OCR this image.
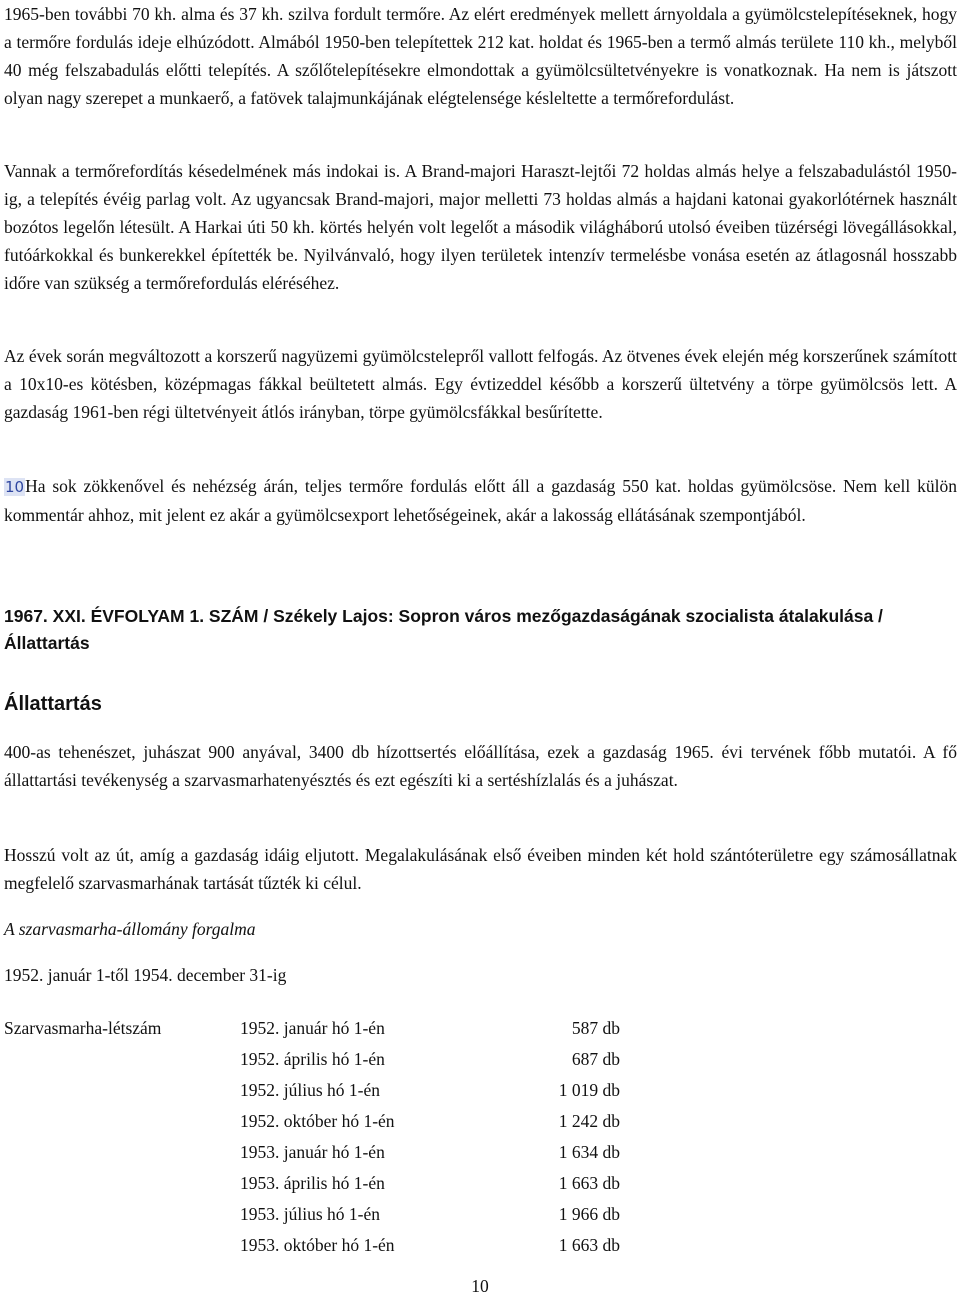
1965-ben további 70 kh. alma és 37 kh. szilva fordult termőre. Az elért eredmények mellett árnyoldala a gyümölcstelepítéseknek, hogy a termőre fordulás ideje elhúzódott. Almából 1950-ben telepítettek 212 kat. holdat és 1965-ben a termő almás területe 110 kh., melyből 40 még felszabadulás előtti telepítés. A szőlőtelepítésekre elmondottak a gyümölcsültetvényekre is vonatkoznak. Ha nem is játszott olyan nagy szerepet a munkaerő, a fatövek talajmunkájának elégtelensége késleltette a termőrefordulást.

Vannak a termőrefordítás késedelmének más indokai is. A Brand-majori Haraszt-lejtői 72 holdas almás helye a felszabadulástól 1950-ig, a telepítés évéig parlag volt. Az ugyancsak Brand-majori, major melletti 73 holdas almás a hajdani katonai gyakorlótérnek használt bozótos legelőn létesült. A Harkai úti 50 kh. körtés helyén volt legelőt a második világháború utolsó éveiben tüzérségi lövegállásokkal, futóárkokkal és bunkerekkel építették be. Nyilvánvaló, hogy ilyen területek intenzív termelésbe vonása esetén az átlagosnál hosszabb időre van szükség a termőrefordulás eléréséhez.

Az évek során megváltozott a korszerű nagyüzemi gyümölcstelepről vallott felfogás. Az ötvenes évek elején még korszerűnek számított a 10x10-es kötésben, középmagas fákkal beültetett almás. Egy évtizeddel később a korszerű ültetvény a törpe gyümölcsös lett. A gazdaság 1961-ben régi ültetvényeit átlós irányban, törpe gyümölcsfákkal besűrítette.

10Ha sok zökkenővel és nehézség árán, teljes termőre fordulás előtt áll a gazdaság 550 kat. holdas gyümölcsöse. Nem kell külön kommentár ahhoz, mit jelent ez akár a gyümölcsexport lehetőségeinek, akár a lakosság ellátásának szempontjából.

1967. XXI. ÉVFOLYAM 1. SZÁM / Székely Lajos: Sopron város mezőgazdaságának szocialista átalakulása / Állattartás

Állattartás

400-as tehenészet, juhászat 900 anyával, 3400 db hízottsertés előállítása, ezek a gazdaság 1965. évi tervének főbb mutatói. A fő állattartási tevékenység a szarvasmarhatenyésztés és ezt egészíti ki a sertéshízlalás és a juhászat.

Hosszú volt az út, amíg a gazdaság idáig eljutott. Megalakulásának első éveiben minden két hold szántóterületre egy számosállatnak megfelelő szarvasmarhának tartását tűzték ki célul.

A szarvasmarha-állomány forgalma

1952. január 1-től 1954. december 31-ig

Szarvasmarha-létszám	1952. január hó 1-én	587 db
1952. április hó 1-én	687 db
1952. július hó 1-én	1 019 db
1952. október hó 1-én	1 242 db
1953. január hó 1-én	1 634 db
1953. április hó 1-én	1 663 db
1953. július hó 1-én	1 966 db
1953. október hó 1-én	1 663 db
10
